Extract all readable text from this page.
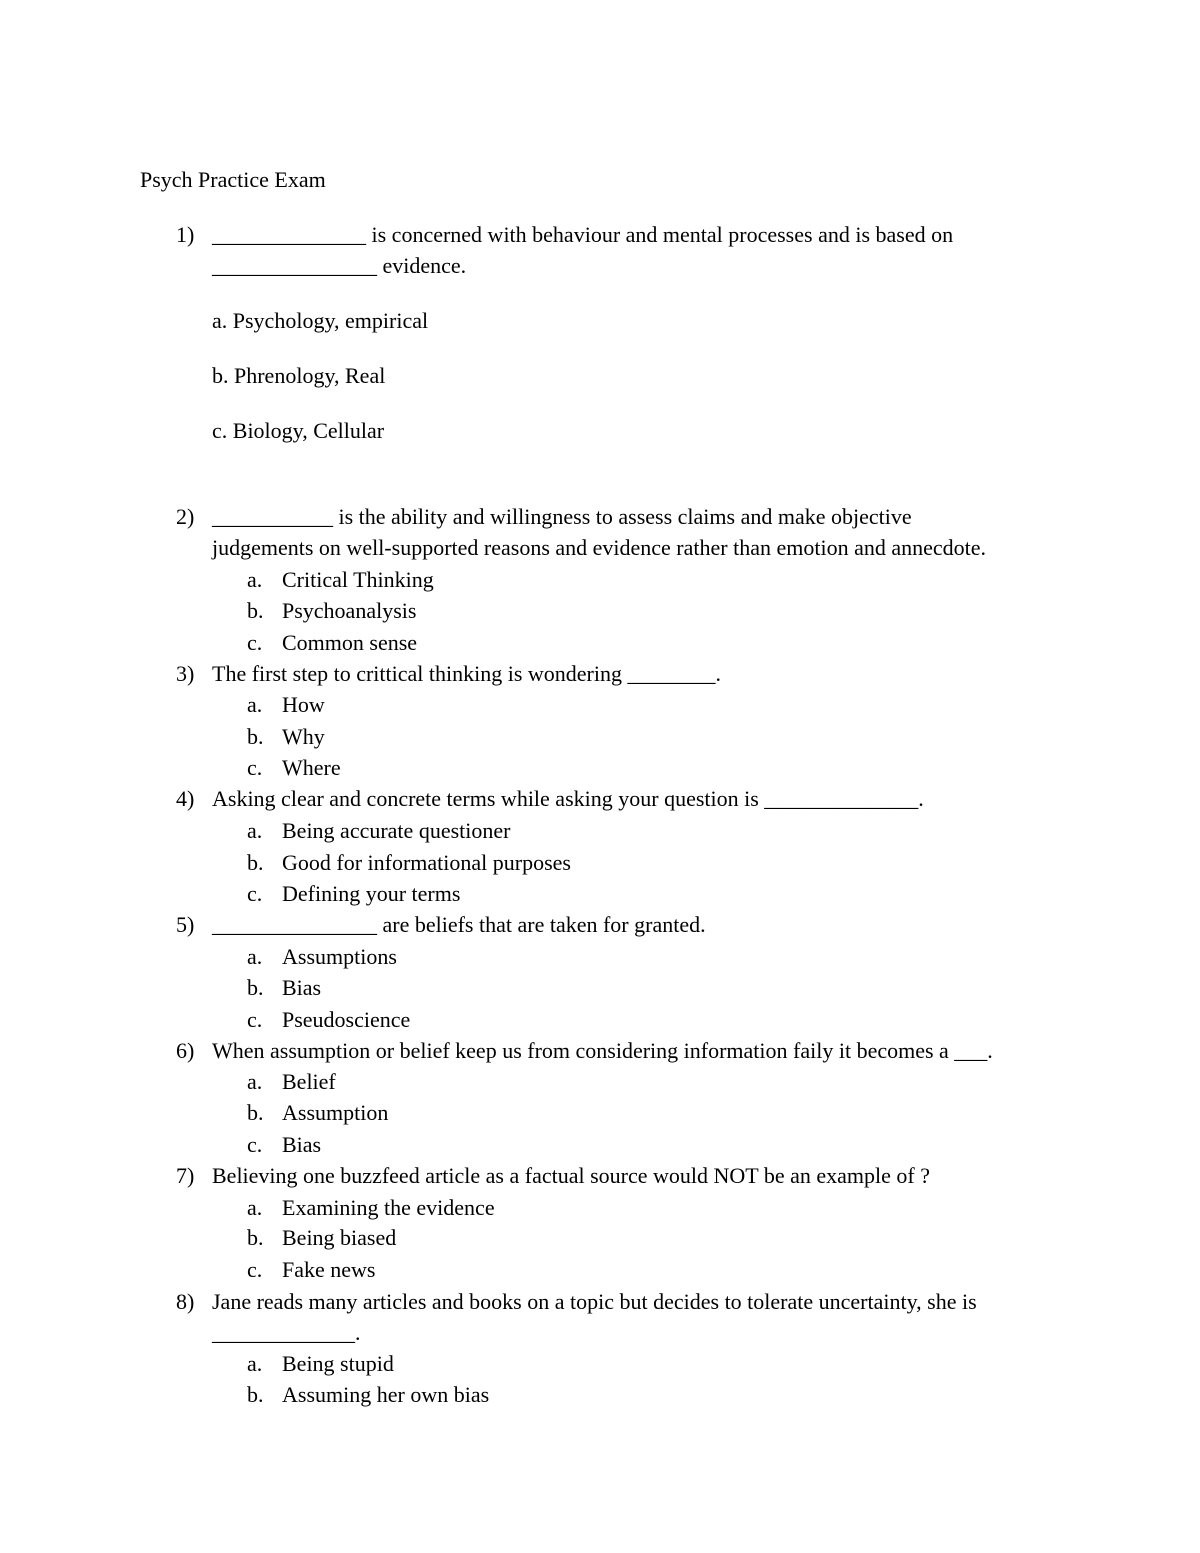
Psych Practice Exam
1) ______________ is concerned with behaviour and mental processes and is based on
_______________ evidence.
a. Psychology, empirical
b. Phrenology, Real
c. Biology, Cellular
2) ___________ is the ability and willingness to assess claims and make objective
judgements on well-supported reasons and evidence rather than emotion and annecdote.
a. Critical Thinking
b. Psychoanalysis
c. Common sense
3) The first step to crittical thinking is wondering ________.
a. How
b. Why
c. Where
4) Asking clear and concrete terms while asking your question is ______________.
a. Being accurate questioner
b. Good for informational purposes
c. Defining your terms
5) _______________ are beliefs that are taken for granted.
a. Assumptions
b. Bias
c. Pseudoscience
6) When assumption or belief keep us from considering information faily it becomes a ___.
a. Belief
b. Assumption
c. Bias
7) Believing one buzzfeed article as a factual source would NOT be an example of ?
a. Examining the evidence
b. Being biased
c. Fake news
8) Jane reads many articles and books on a topic but decides to tolerate uncertainty, she is
_____________.
a. Being stupid
b. Assuming her own bias
